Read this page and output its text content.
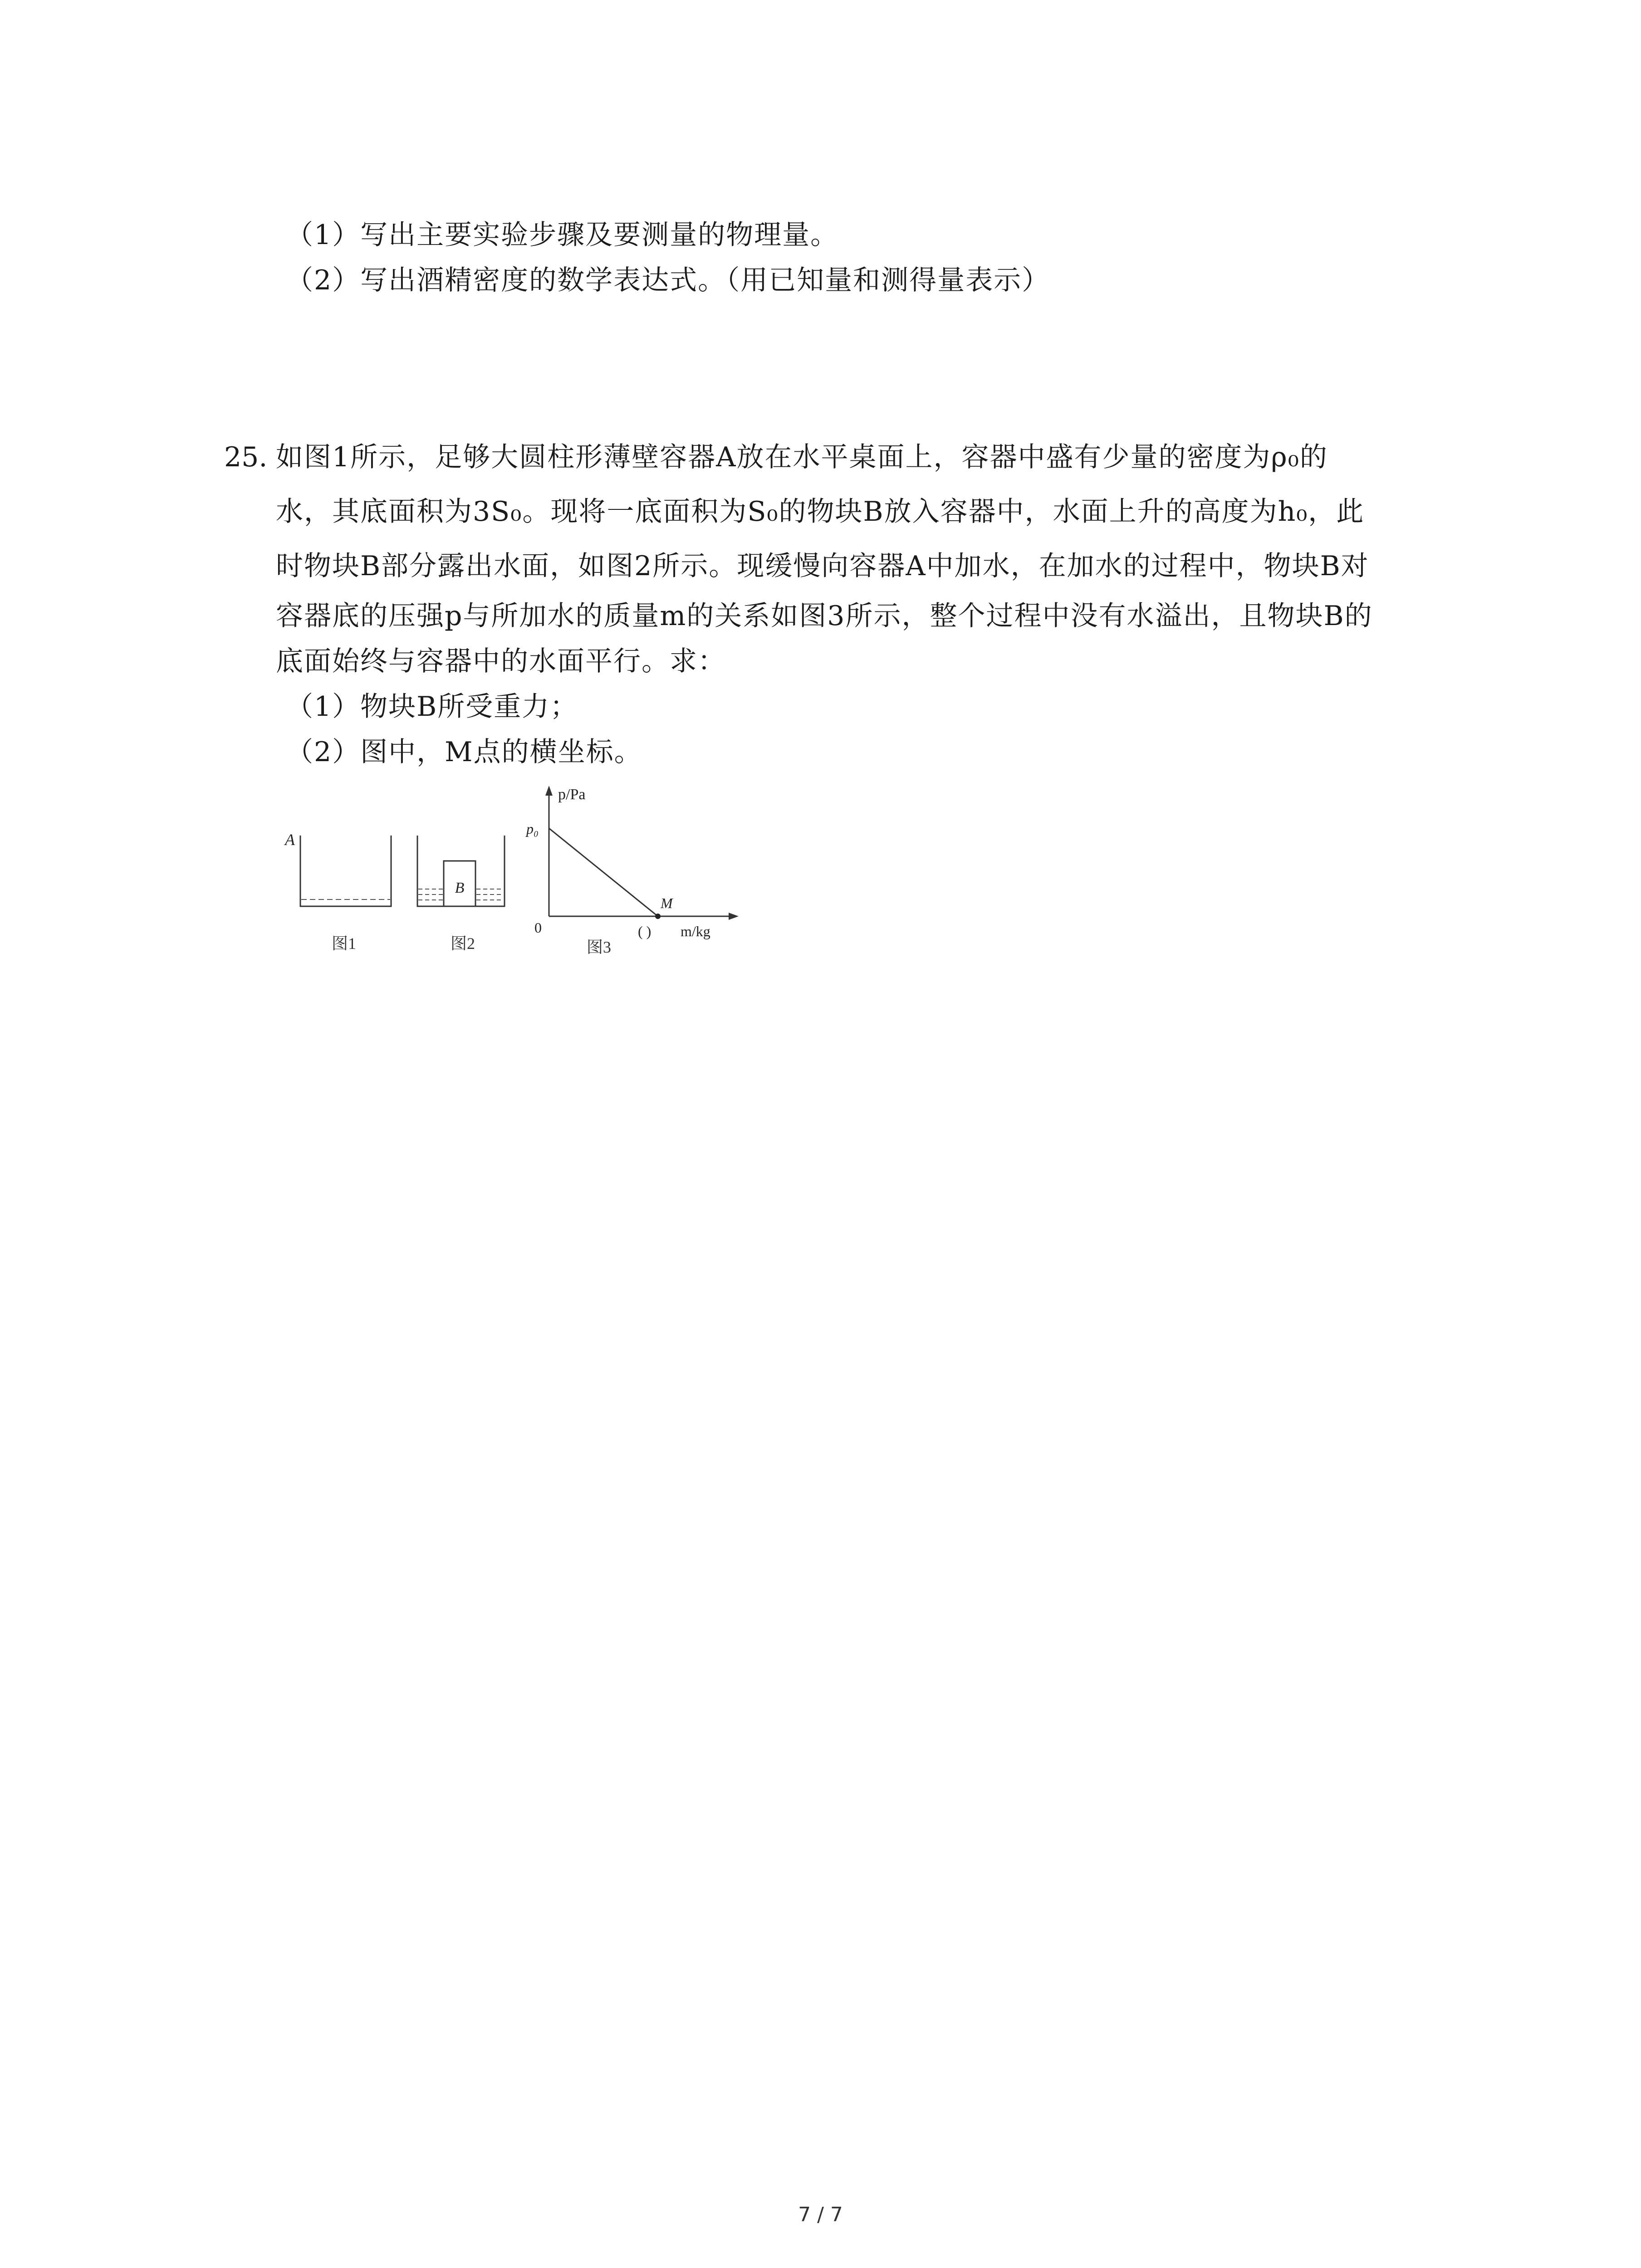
（1）写出主要实验步骤及要测量的物理量。
（2）写出酒精密度的数学表达式。（用已知量和测得量表示）
25. 如图1所示，足够大圆柱形薄壁容器A放在水平桌面上，容器中盛有少量的密度为ρ₀的
水，其底面积为3S₀。现将一底面积为S₀的物块B放入容器中，水面上升的高度为h₀，此
时物块B部分露出水面，如图2所示。现缓慢向容器A中加水，在加水的过程中，物块B对
容器底的压强p与所加水的质量m的关系如图3所示，整个过程中没有水溢出，且物块B的
底面始终与容器中的水面平行。求：
（1）物块B所受重力；
（2）图中，M点的横坐标。
A
图1
B
图2
p/Pa
p₀
M
0	( ) m/kg
图3
7 / 7
